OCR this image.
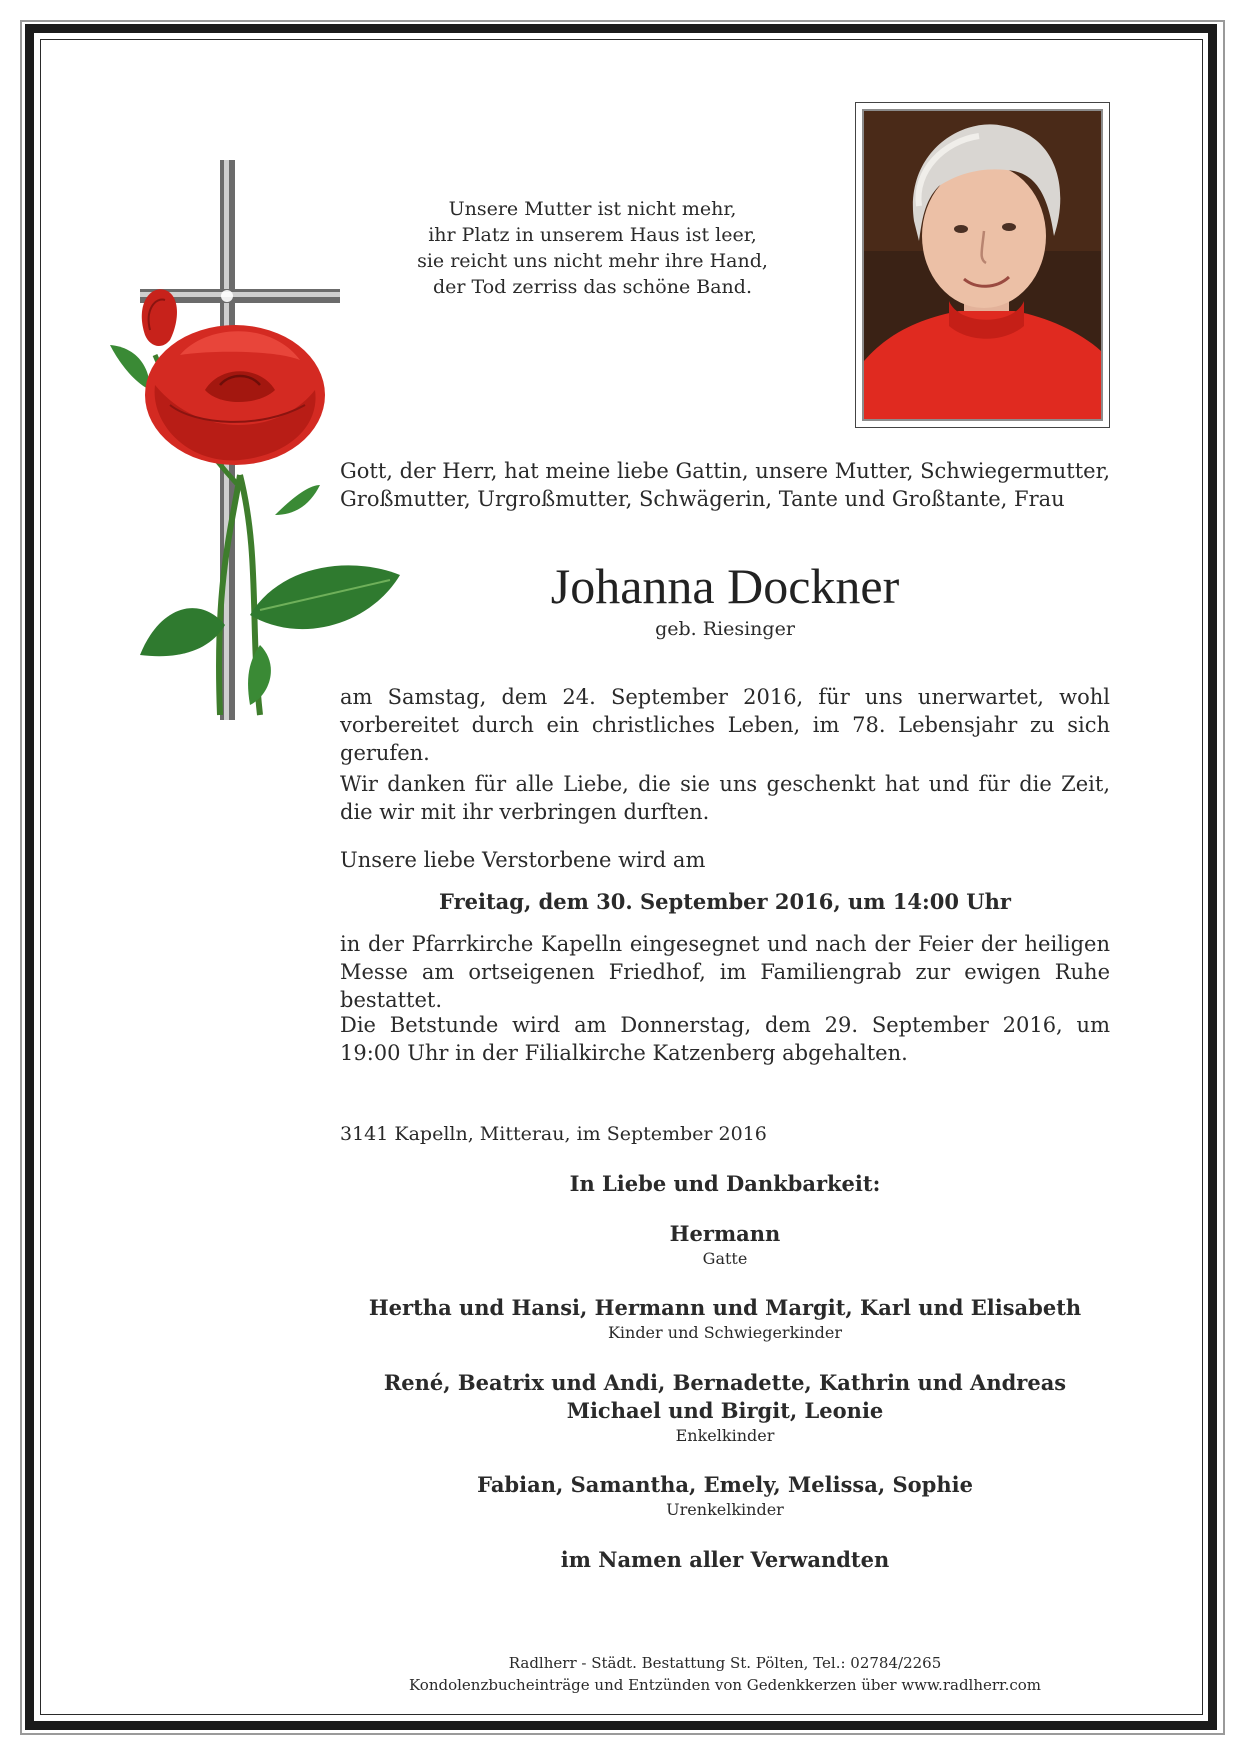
Unsere Mutter ist nicht mehr,
ihr Platz in unserem Haus ist leer,
sie reicht uns nicht mehr ihre Hand,
der Tod zerriss das schöne Band.
Gott, der Herr, hat meine liebe Gattin, unsere Mutter, Schwiegermutter, Großmutter, Urgroßmutter, Schwägerin, Tante und Großtante, Frau
Johanna Dockner
geb. Riesinger
am Samstag, dem 24. September 2016, für uns unerwartet, wohl vorbereitet durch ein christliches Leben, im 78. Lebensjahr zu sich gerufen.
Wir danken für alle Liebe, die sie uns geschenkt hat und für die Zeit, die wir mit ihr verbringen durften.
Unsere liebe Verstorbene wird am
Freitag, dem 30. September 2016, um 14:00 Uhr
in der Pfarrkirche Kapelln eingesegnet und nach der Feier der heiligen Messe am ortseigenen Friedhof, im Familiengrab zur ewigen Ruhe bestattet.
Die Betstunde wird am Donnerstag, dem 29. September 2016, um 19:00 Uhr in der Filialkirche Katzenberg abgehalten.
3141 Kapelln, Mitterau, im September 2016
In Liebe und Dankbarkeit:
Hermann
Gatte
Hertha und Hansi, Hermann und Margit, Karl und Elisabeth
Kinder und Schwiegerkinder
René, Beatrix und Andi, Bernadette, Kathrin und Andreas
Michael und Birgit, Leonie
Enkelkinder
Fabian, Samantha, Emely, Melissa, Sophie
Urenkelkinder
im Namen aller Verwandten
Radlherr - Städt. Bestattung St. Pölten, Tel.: 02784/2265
Kondolenzbucheinträge und Entzünden von Gedenkkerzen über www.radlherr.com
